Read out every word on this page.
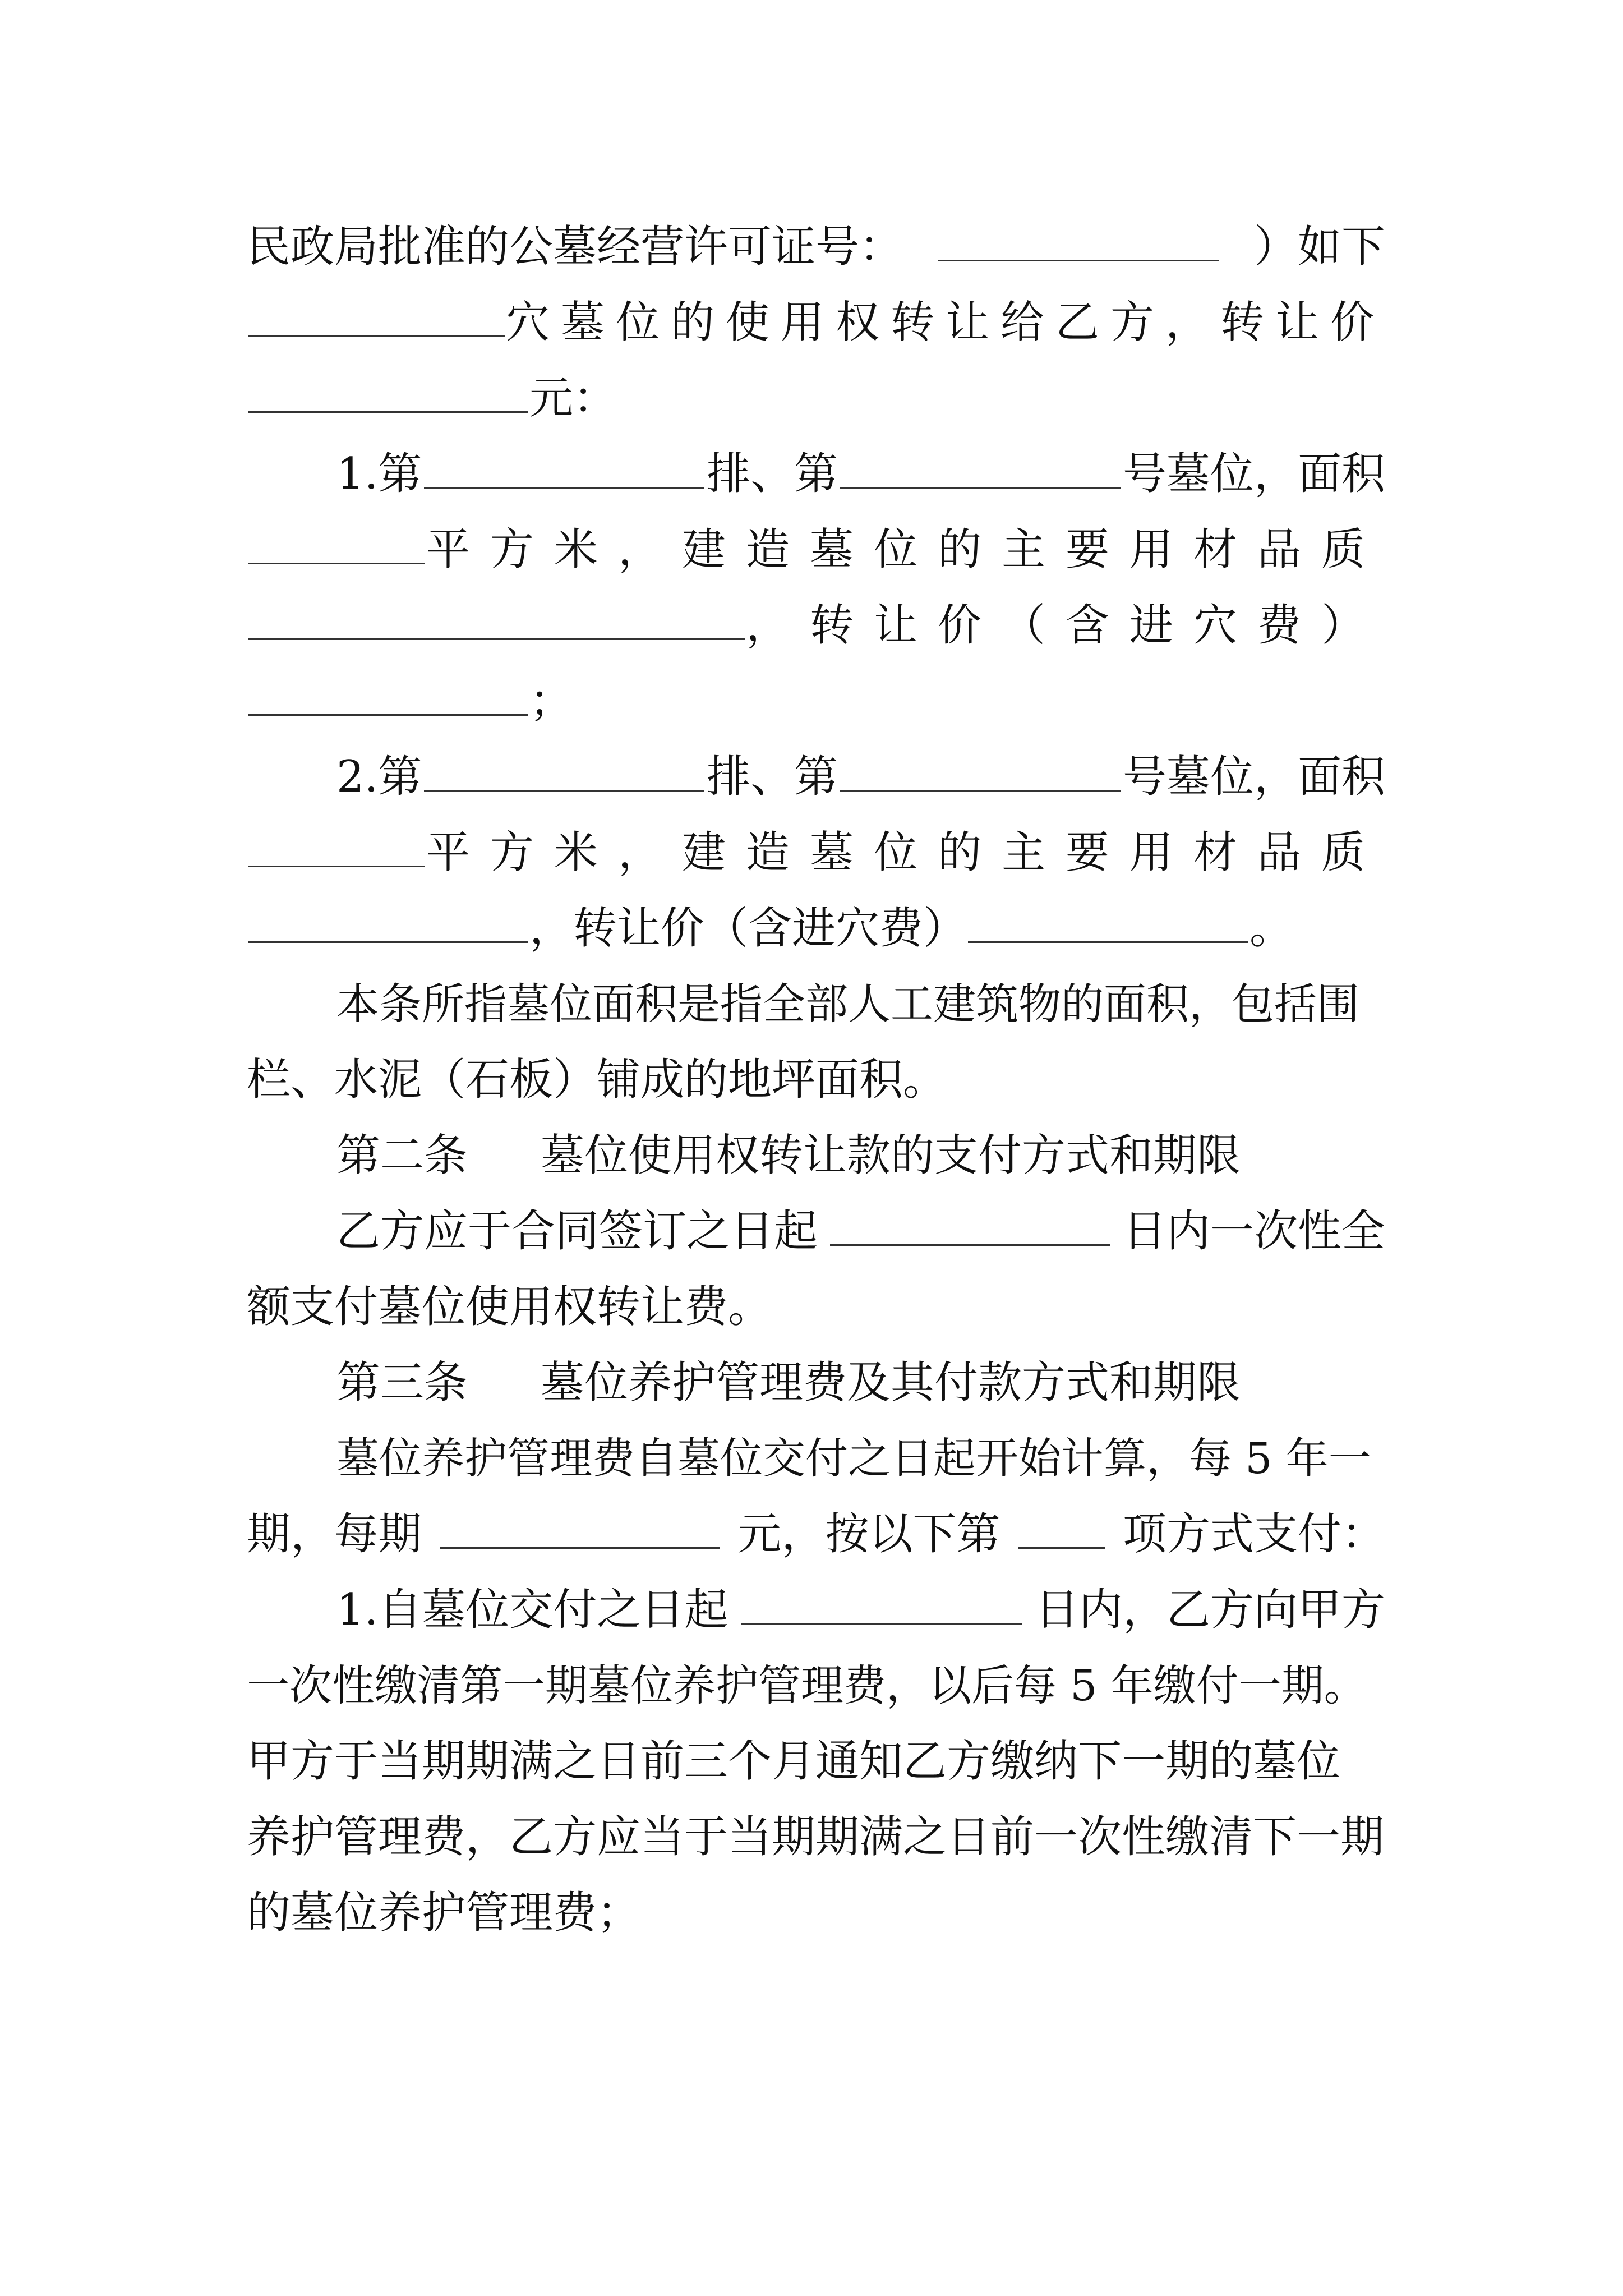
民政局批准的公墓经营许可证号：	）如下
穴墓位的使用权转让给乙方，转让价
元：
1.第	排、第	号墓位，面积
平方米，建造墓位的主要用材品质
，转让价（含进穴费）
；
2.第	排、第	号墓位，面积
平方米，建造墓位的主要用材品质
，转让价（含进穴费）	。
本条所指墓位面积是指全部人工建筑物的面积，包括围
栏、水泥（石板）铺成的地坪面积。
第二条 墓位使用权转让款的支付方式和期限
乙方应于合同签订之日起	日内一次性全
额支付墓位使用权转让费。
第三条 墓位养护管理费及其付款方式和期限
墓位养护管理费自墓位交付之日起开始计算，每 5 年一
期，每期	元，按以下第	项方式支付：
1.自墓位交付之日起	日内，乙方向甲方
一次性缴清第一期墓位养护管理费，以后每 5 年缴付一期。
甲方于当期期满之日前三个月通知乙方缴纳下一期的墓位
养护管理费，乙方应当于当期期满之日前一次性缴清下一期
的墓位养护管理费；
